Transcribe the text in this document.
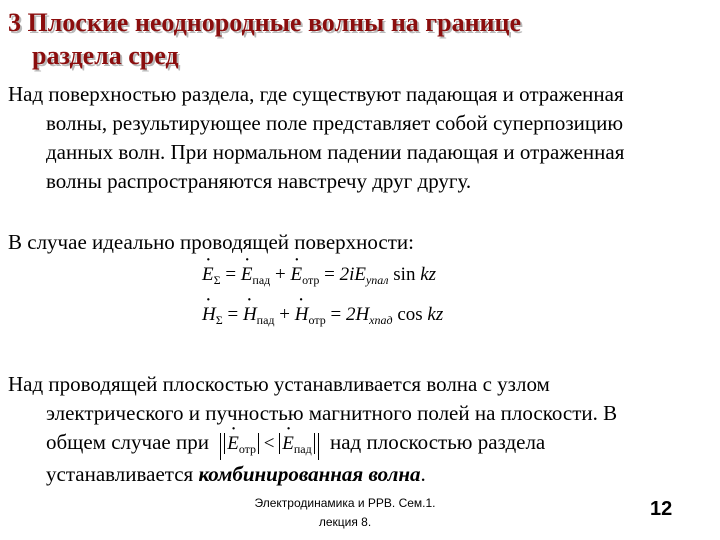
3 Плоские неоднородные волны на границе
раздела сред
Над поверхностью раздела, где существуют падающая и отраженная
волны, результирующее поле представляет собой суперпозицию
данных волн. При нормальном падении падающая и отраженная
волны распространяются навстречу друг другу.
В случае идеально проводящей поверхности:
· $E_\Sigma$ = · $E_{пад}$ + · $E_{отр} = 2iE_{упал}$ sin kz
· $H_\Sigma$ = · $H_{пад}$ + · $H_{отр} = 2H_{хпад}$ cos kz
Над проводящей плоскостью устанавливается волна с узлом
электрического и пучностью магнитного полей на плоскости. В
общем случае при · $E_{отр}$ < · $E_{пад}$ над плоскостью раздела
устанавливается комбинированная волна.
Электродинамика и РРВ. Сем.1.
лекция 8.
12
